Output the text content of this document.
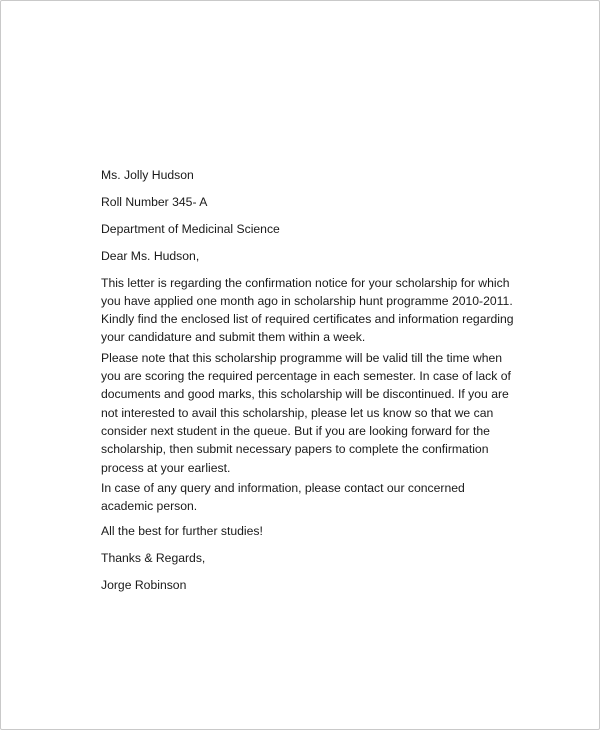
Ms. Jolly Hudson

Roll Number 345- A

Department of Medicinal Science

Dear Ms. Hudson,

This letter is regarding the confirmation notice for your scholarship for which you have applied one month ago in scholarship hunt programme 2010-2011. Kindly find the enclosed list of required certificates and information regarding your candidature and submit them within a week.

Please note that this scholarship programme will be valid till the time when you are scoring the required percentage in each semester. In case of lack of documents and good marks, this scholarship will be discontinued. If you are not interested to avail this scholarship, please let us know so that we can consider next student in the queue. But if you are looking forward for the scholarship, then submit necessary papers to complete the confirmation process at your earliest.

In case of any query and information, please contact our concerned academic person.

All the best for further studies!

Thanks & Regards,

Jorge Robinson
